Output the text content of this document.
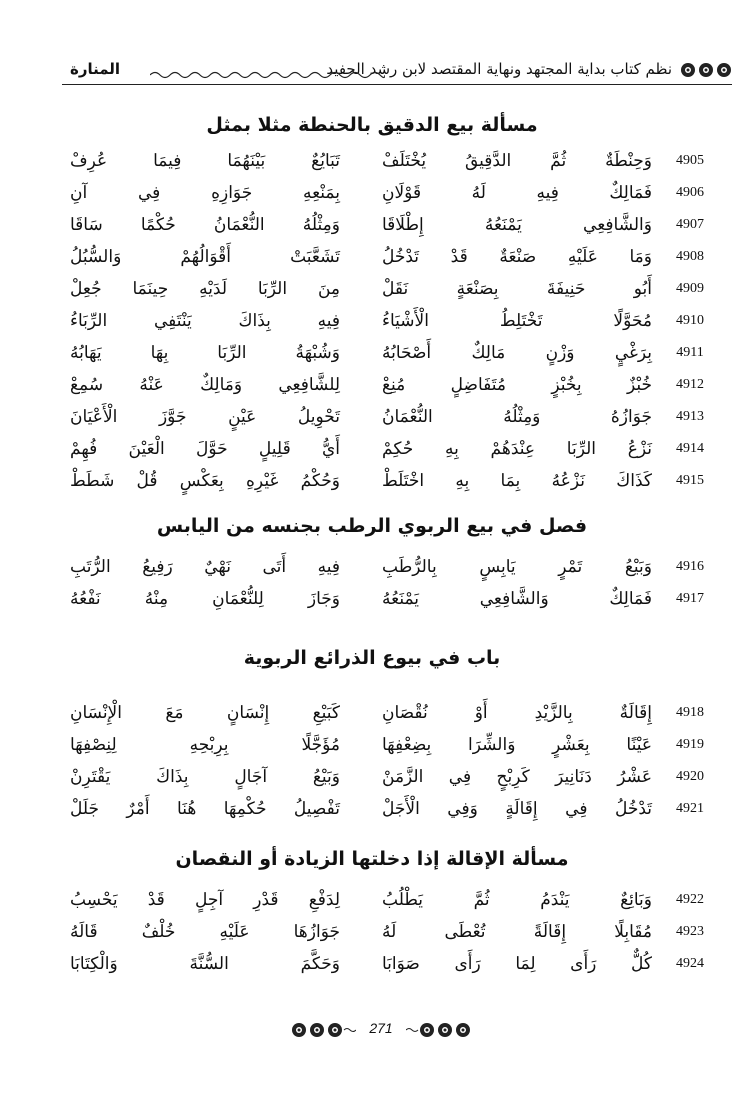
نظم كتاب بداية المجتهد ونهاية المقتصد لابن رشد الحفيد
المنارة
مسألة بيع الدقيق بالحنطة مثلا بمثل
4905
وَحِنْطَةٌ ثُمَّ الدَّقِيقُ يُخْتَلَفْ
تَبَايُعٌ بَيْنَهُمَا فِيمَا عُرِفْ
4906
فَمَالِكٌ فِيهِ لَهُ قَوْلَانِ
بِمَنْعِهِ جَوَازِهِ فِي آنِ
4907
وَالشَّافِعِي يَمْنَعُهُ إِطْلَاقَا
وَمِثْلُهُ النُّعْمَانُ حُكْمًا سَاقَا
4908
وَمَا عَلَيْهِ صَنْعَةٌ قَدْ تَدْخُلُ
تَشَعَّبَتْ أَقْوَالُهُمْ وَالسُّبُلُ
4909
أَبُو حَنِيفَةَ بِصَنْعَةٍ نَقَلْ
مِنَ الرِّبَا لَدَيْهِ حِينَمَا جُعِلْ
4910
مُحَوَّلًا تَخْتَلِطُ الْأَشْيَاءُ
فِيهِ بِذَاكَ يَنْتَفِي الرِّبَاءُ
4911
بِرَغْيٍ وَزْنٍ مَالِكٌ أَصْحَابُهُ
وَشُبْهَةُ الرِّبَا بِهَا يَهَابُهُ
4912
خُبْزٌ بِخُبْزٍ مُتَفَاضِلٍ مُنِعْ
لِلشَّافِعِي وَمَالِكٌ عَنْهُ سُمِعْ
4913
جَوَازُهُ وَمِثْلُهُ النُّعْمَانُ
تَحْوِيلُ عَيْنٍ جَوَّزَ الْأَعْيَانَ
4914
نَزْعُ الرِّبَا عِنْدَهُمْ بِهِ حُكِمْ
أَيُّ قَلِيلٍ حَوَّلَ الْعَيْنَ فُهِمْ
4915
كَذَاكَ نَزْعُهُ بِمَا بِهِ اخْتَلَطْ
وَحُكْمُ غَيْرِهِ بِعَكْسٍ قُلْ شَطَطْ
فصل في بيع الربوي الرطب بجنسه من اليابس
4916
وَبَيْعُ تَمْرٍ يَابِسٍ بِالرُّطَبِ
فِيهِ أَتَى نَهْيٌ رَفِيعُ الرُّتَبِ
4917
فَمَالِكٌ وَالشَّافِعِي يَمْنَعُهُ
وَجَازَ لِلنُّعْمَانِ مِنْهُ نَفْعُهُ
باب في بيوع الذرائع الربوية
4918
إِقَالَةٌ بِالزَّيْدِ أَوْ نُقْصَانِ
كَبَيْعِ إِنْسَانٍ مَعَ الْإِنْسَانِ
4919
عَيْنًا بِعَشْرٍ وَالشِّرَا بِضِعْفِهَا
مُؤَجَّلًا بِرِبْحِهِ لِنِصْفِهَا
4920
عَشْرُ دَنَانِيرَ كَرِبْحٍ فِي الزَّمَنْ
وَبَيْعُ آجَالٍ بِذَاكَ يَقْتَرِنْ
4921
تَدْخُلُ فِي إِقَالَةٍ وَفِي الْأَجَلْ
تَفْصِيلُ حُكْمِهَا هُنَا أَمْرٌ جَلَلْ
مسألة الإقالة إذا دخلتها الزيادة أو النقصان
4922
وَبَائِعٌ يَنْدَمُ ثُمَّ يَطْلُبُ
لِدَفْعِ قَدْرِ آجِلٍ قَدْ يَحْسِبُ
4923
مُقَابِلًا إِقَالَةً تُعْطَى لَهُ
جَوَازُهَا عَلَيْهِ خُلْفٌ قَالَهُ
4924
كُلٌّ رَأَى لِمَا رَأَى صَوَابَا
وَحَكَّمَ السُّنَّةَ وَالْكِتَابَا
271
